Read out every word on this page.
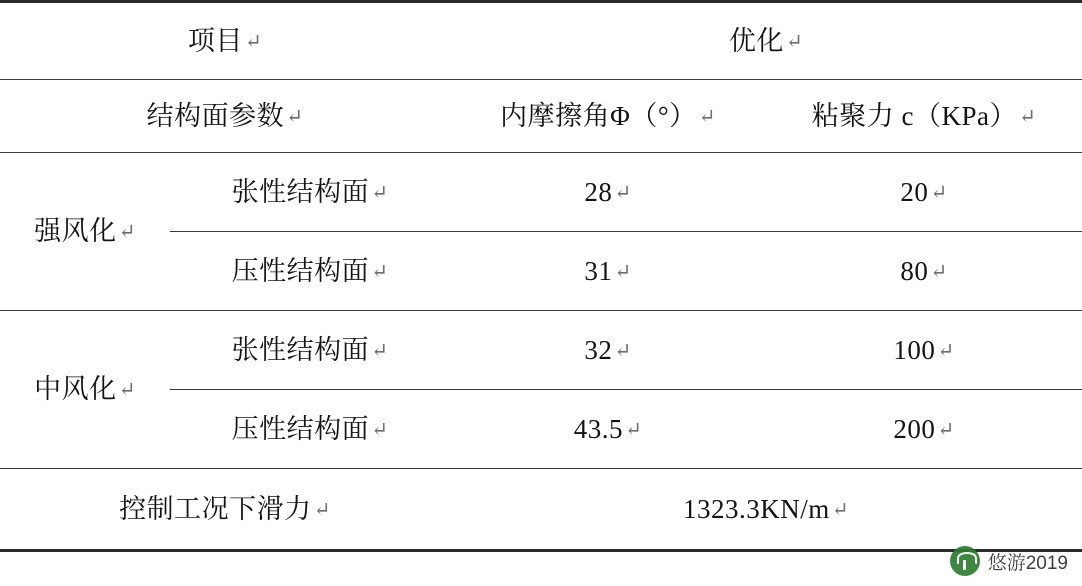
项目 ↵		优化 ↵	
结构面参数 ↵		内摩擦角Φ（°） ↵	粘聚力 c（KPa） ↵
强风化 ↵	张性结构面 ↵	28 ↵	20 ↵
	压性结构面 ↵	31 ↵	80 ↵
中风化 ↵	张性结构面 ↵	32 ↵	100 ↵
	压性结构面 ↵	43.5 ↵	200 ↵
控制工况下滑力 ↵		1323.3KN/m ↵	
悠游2019
